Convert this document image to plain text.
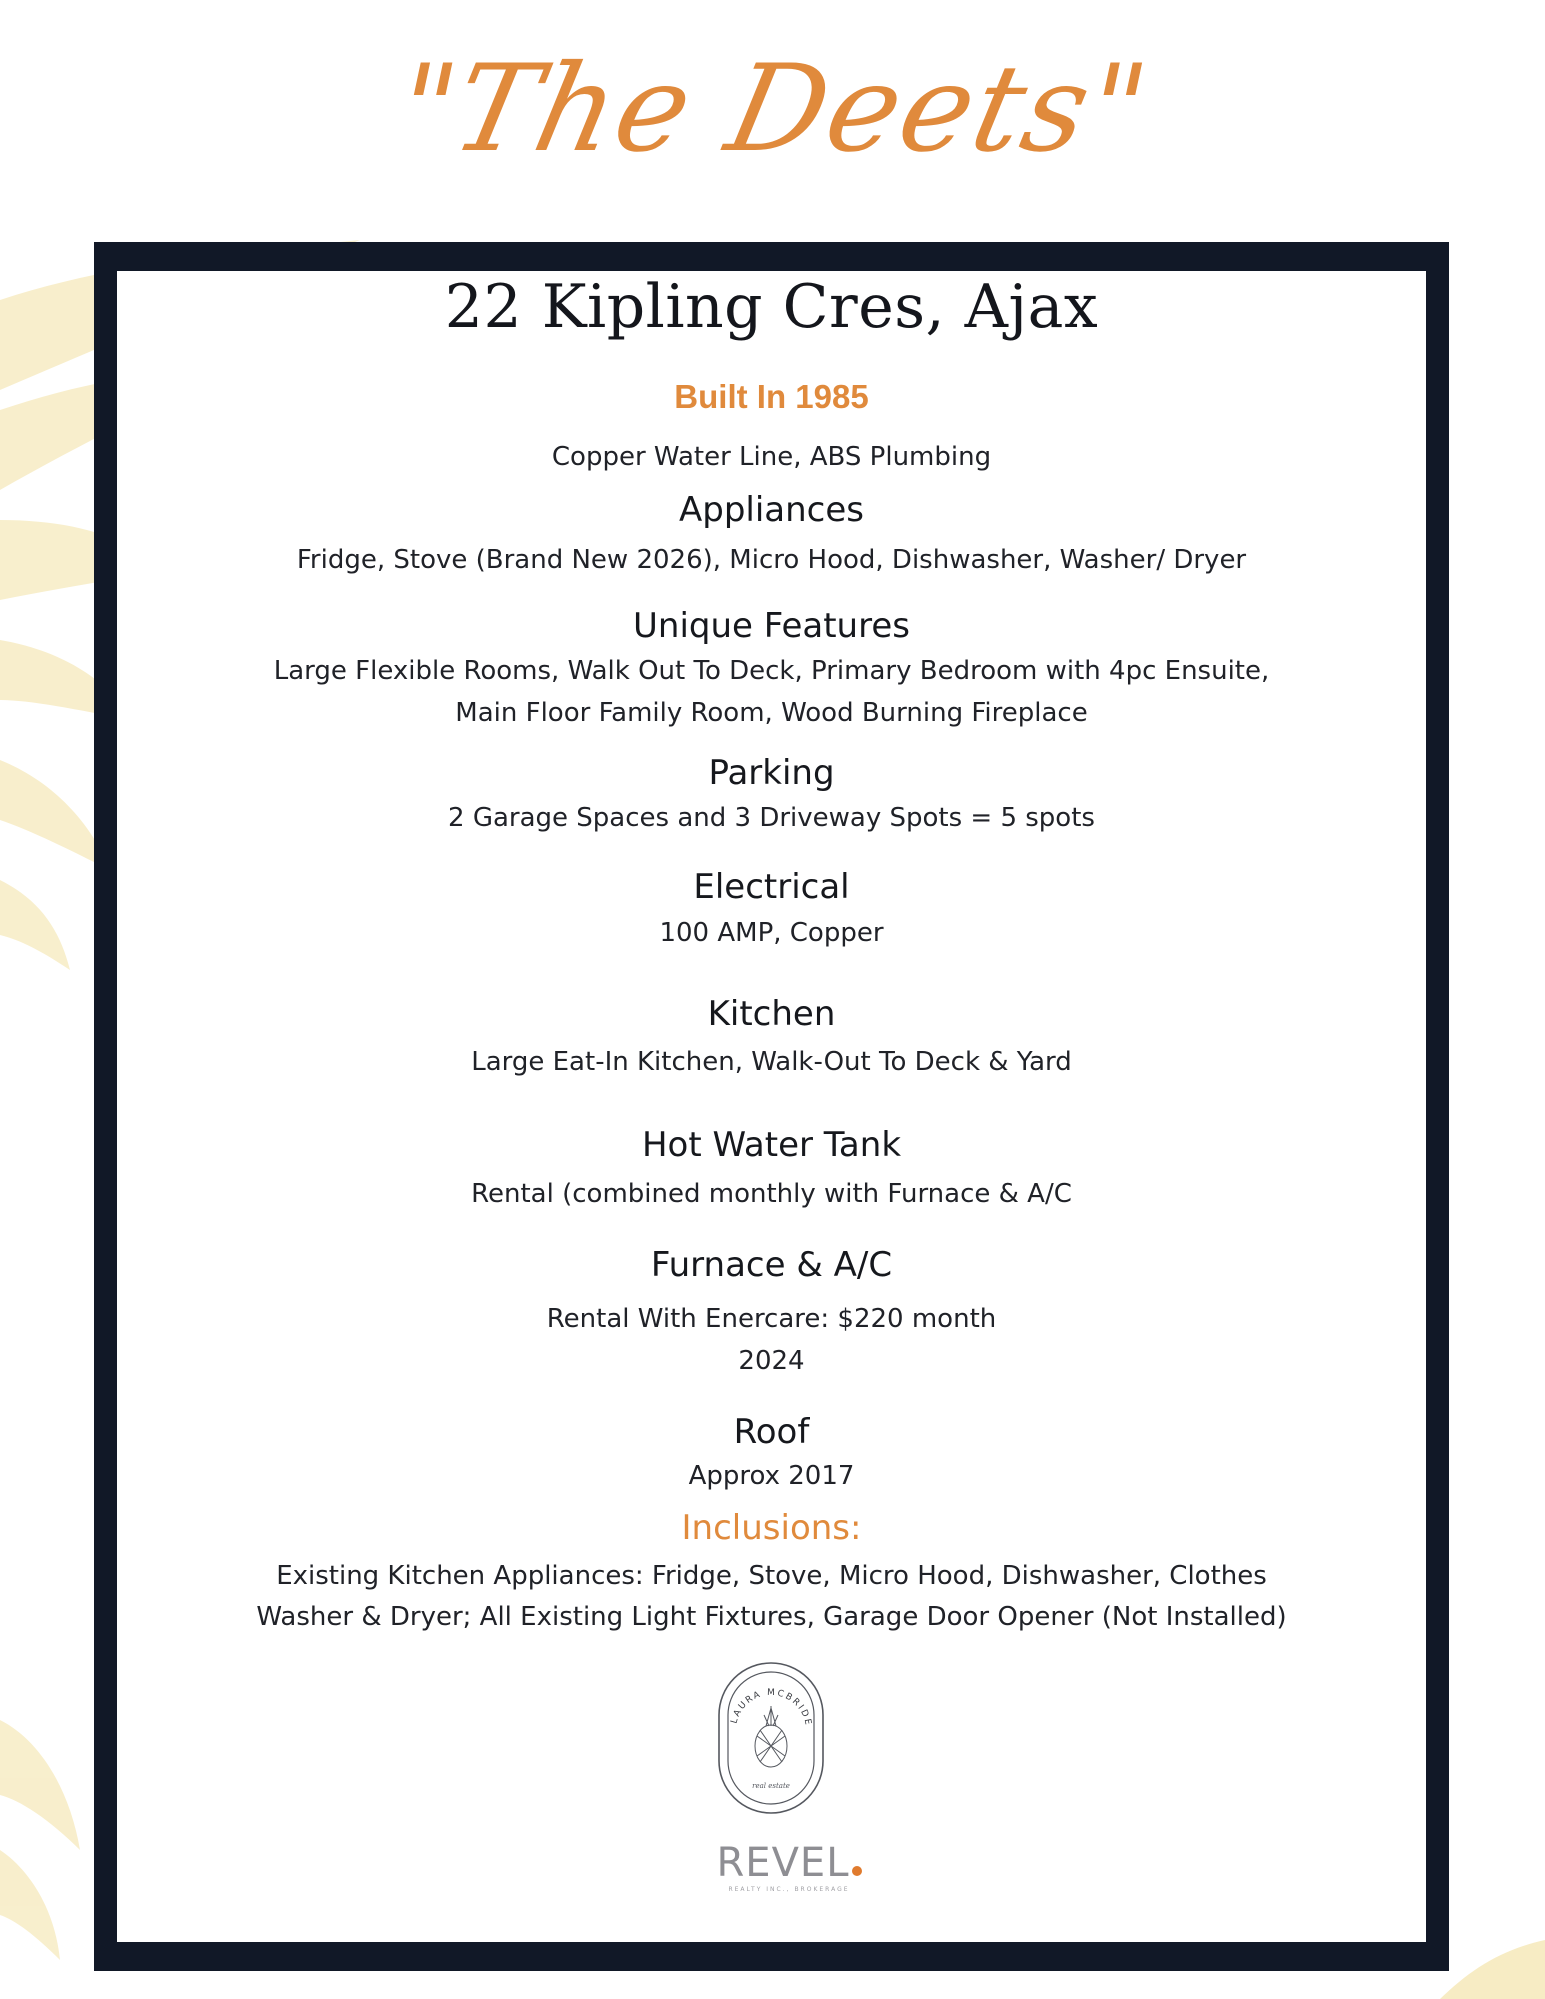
"The Deets"
22 Kipling Cres, Ajax
Built In 1985
Copper Water Line, ABS Plumbing
Appliances
Fridge, Stove (Brand New 2026), Micro Hood, Dishwasher, Washer/ Dryer
Unique Features
Large Flexible Rooms, Walk Out To Deck, Primary Bedroom with 4pc Ensuite,
Main Floor Family Room, Wood Burning Fireplace
Parking
2 Garage Spaces and 3 Driveway Spots = 5 spots
Electrical
100 AMP, Copper
Kitchen
Large Eat-In Kitchen, Walk-Out To Deck & Yard
Hot Water Tank
Rental (combined monthly with Furnace & A/C
Furnace & A/C
Rental With Enercare: $220 month
2024
Roof
Approx 2017
Inclusions:
Existing Kitchen Appliances: Fridge, Stove, Micro Hood, Dishwasher, Clothes
Washer & Dryer; All Existing Light Fixtures, Garage Door Opener (Not Installed)
LAURA MCBRIDE
real estate
REVEL
REALTY INC., BROKERAGE
